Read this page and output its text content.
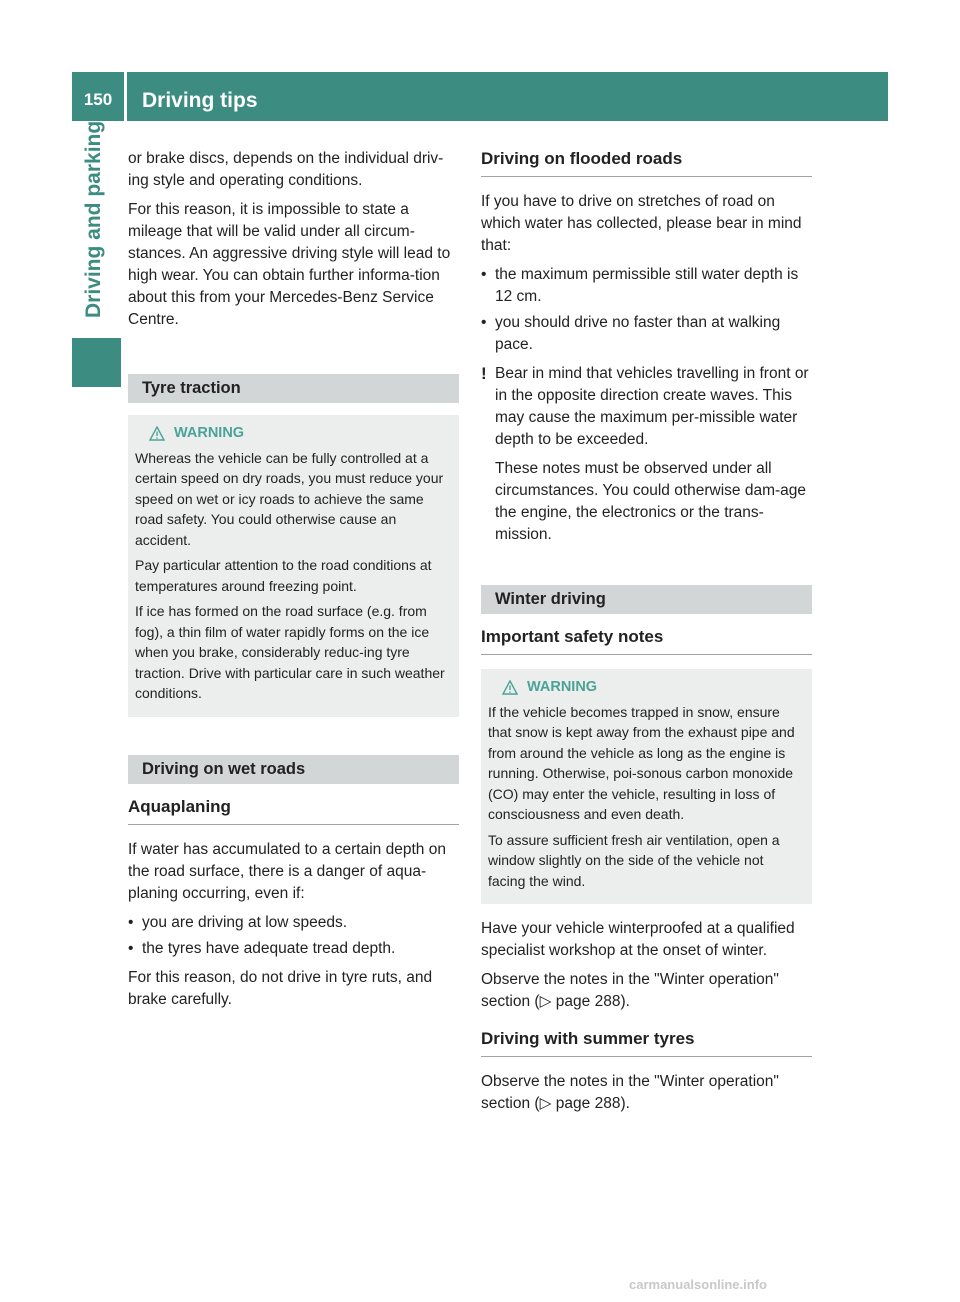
150	Driving tips
Driving and parking or brake discs, depends on the individual driv-ing style and operating conditions.

For this reason, it is impossible to state a mileage that will be valid under all circum-stances. An aggressive driving style will lead to high wear. You can obtain further informa-tion about this from your Mercedes-Benz Service Centre.

Tyre traction
WARNING

Whereas the vehicle can be fully controlled at a certain speed on dry roads, you must reduce your speed on wet or icy roads to achieve the same road safety. You could otherwise cause an accident.

Pay particular attention to the road conditions at temperatures around freezing point.

If ice has formed on the road surface (e.g. from fog), a thin film of water rapidly forms on the ice when you brake, considerably reduc-ing tyre traction. Drive with particular care in such weather conditions.

Driving on wet roads
Aquaplaning

If water has accumulated to a certain depth on the road surface, there is a danger of aqua-planing occurring, even if:

• you are driving at low speeds.
• the tyres have adequate tread depth.

For this reason, do not drive in tyre ruts, and brake carefully.

Driving on flooded roads

If you have to drive on stretches of road on which water has collected, please bear in mind that:

• the maximum permissible still water depth is 12 cm.
• you should drive no faster than at walking pace.
! Bear in mind that vehicles travelling in front or in the opposite direction create waves. This may cause the maximum per-missible water depth to be exceeded.

These notes must be observed under all circumstances. You could otherwise dam-age the engine, the electronics or the trans-mission.

Winter driving
Important safety notes
WARNING

If the vehicle becomes trapped in snow, ensure that snow is kept away from the exhaust pipe and from around the vehicle as long as the engine is running. Otherwise, poi-sonous carbon monoxide (CO) may enter the vehicle, resulting in loss of consciousness and even death.

To assure sufficient fresh air ventilation, open a window slightly on the side of the vehicle not facing the wind.

Have your vehicle winterproofed at a qualified specialist workshop at the onset of winter.

Observe the notes in the "Winter operation" section (▷ page 288).

Driving with summer tyres

Observe the notes in the "Winter operation" section (▷ page 288).

carmanualsonline.info
